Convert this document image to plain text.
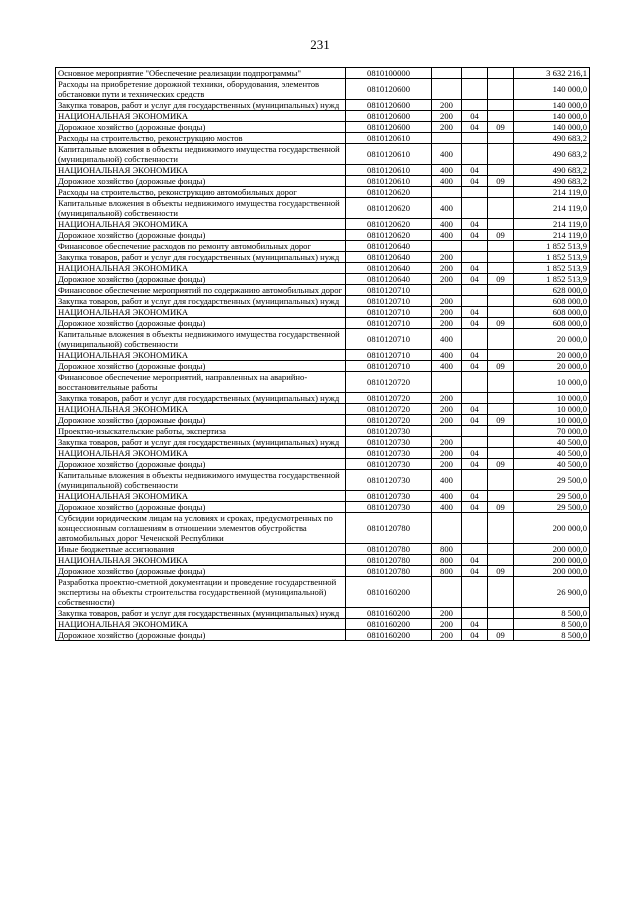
231
Основное мероприятие "Обеспечение реализации подпрограммы"	0810100000				3 632 216,1
Расходы на приобретение дорожной техники, оборудования, элементов обстановки пути и технических средств	0810120600				140 000,0
Закупка товаров, работ и услуг для государственных (муниципальных) нужд	0810120600	200			140 000,0
НАЦИОНАЛЬНАЯ ЭКОНОМИКА	0810120600	200	04		140 000,0
Дорожное хозяйство (дорожные фонды)	0810120600	200	04	09	140 000,0
Расходы на строительство, реконструкцию мостов	0810120610				490 683,2
Капитальные вложения в объекты недвижимого имущества государственной (муниципальной) собственности	0810120610	400			490 683,2
НАЦИОНАЛЬНАЯ ЭКОНОМИКА	0810120610	400	04		490 683,2
Дорожное хозяйство (дорожные фонды)	0810120610	400	04	09	490 683,2
Расходы на строительство, реконструкцию автомобильных дорог	0810120620				214 119,0
Капитальные вложения в объекты недвижимого имущества государственной (муниципальной) собственности	0810120620	400			214 119,0
НАЦИОНАЛЬНАЯ ЭКОНОМИКА	0810120620	400	04		214 119,0
Дорожное хозяйство (дорожные фонды)	0810120620	400	04	09	214 119,0
Финансовое обеспечение расходов по ремонту автомобильных дорог	0810120640				1 852 513,9
Закупка товаров, работ и услуг для государственных (муниципальных) нужд	0810120640	200			1 852 513,9
НАЦИОНАЛЬНАЯ ЭКОНОМИКА	0810120640	200	04		1 852 513,9
Дорожное хозяйство (дорожные фонды)	0810120640	200	04	09	1 852 513,9
Финансовое обеспечение мероприятий по содержанию автомобильных дорог	0810120710				628 000,0
Закупка товаров, работ и услуг для государственных (муниципальных) нужд	0810120710	200			608 000,0
НАЦИОНАЛЬНАЯ ЭКОНОМИКА	0810120710	200	04		608 000,0
Дорожное хозяйство (дорожные фонды)	0810120710	200	04	09	608 000,0
Капитальные вложения в объекты недвижимого имущества государственной (муниципальной) собственности	0810120710	400			20 000,0
НАЦИОНАЛЬНАЯ ЭКОНОМИКА	0810120710	400	04		20 000,0
Дорожное хозяйство (дорожные фонды)	0810120710	400	04	09	20 000,0
Финансовое обеспечение мероприятий, направленных на аварийно-восстановительные работы	0810120720				10 000,0
Закупка товаров, работ и услуг для государственных (муниципальных) нужд	0810120720	200			10 000,0
НАЦИОНАЛЬНАЯ ЭКОНОМИКА	0810120720	200	04		10 000,0
Дорожное хозяйство (дорожные фонды)	0810120720	200	04	09	10 000,0
Проектно-изыскательские работы, экспертиза	0810120730				70 000,0
Закупка товаров, работ и услуг для государственных (муниципальных) нужд	0810120730	200			40 500,0
НАЦИОНАЛЬНАЯ ЭКОНОМИКА	0810120730	200	04		40 500,0
Дорожное хозяйство (дорожные фонды)	0810120730	200	04	09	40 500,0
Капитальные вложения в объекты недвижимого имущества государственной (муниципальной) собственности	0810120730	400			29 500,0
НАЦИОНАЛЬНАЯ ЭКОНОМИКА	0810120730	400	04		29 500,0
Дорожное хозяйство (дорожные фонды)	0810120730	400	04	09	29 500,0
Субсидии юридическим лицам на условиях и сроках, предусмотренных по концессионным соглашениям в отношении элементов обустройства автомобильных дорог Чеченской Республики	0810120780				200 000,0
Иные бюджетные ассигнования	0810120780	800			200 000,0
НАЦИОНАЛЬНАЯ ЭКОНОМИКА	0810120780	800	04		200 000,0
Дорожное хозяйство (дорожные фонды)	0810120780	800	04	09	200 000,0
Разработка проектно-сметной документации и проведение государственной экспертизы на объекты строительства государственной (муниципальной) собственности)	0810160200				26 900,0
Закупка товаров, работ и услуг для государственных (муниципальных) нужд	0810160200	200			8 500,0
НАЦИОНАЛЬНАЯ ЭКОНОМИКА	0810160200	200	04		8 500,0
Дорожное хозяйство (дорожные фонды)	0810160200	200	04	09	8 500,0
